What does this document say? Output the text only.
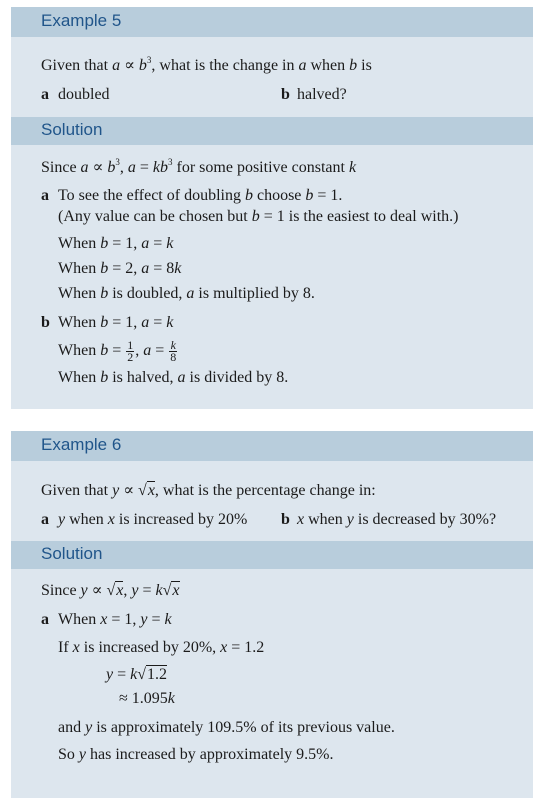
Example 5
Given that $a \propto b^3$, what is the change in a when b is
a doubled	b halved?
Solution
Since $a \propto b^3$, $a = kb^3$ for some positive constant k
a To see the effect of doubling b choose b = 1.
(Any value can be chosen but b = 1 is the easiest to deal with.)
When b = 1, a = k
When b = 2, a = 8k
When b is doubled, a is multiplied by 8.
b When b = 1, a = k
When $b = \frac{1}{2}$ , $a = \frac{k}{8}$
When b is halved, a is divided by 8.
Example 6
Given that y ∝ √x, what is the percentage change in:
a y when x is increased by 20% b x when y is decreased by 30%?
Solution
Since y ∝ √x, y = k√x
a When x = 1, y = k
If x is increased by 20%, x = 1.2
y = k√1.2
≈ 1.095k
and y is approximately 109.5% of its previous value.
So y has increased by approximately 9.5%.
